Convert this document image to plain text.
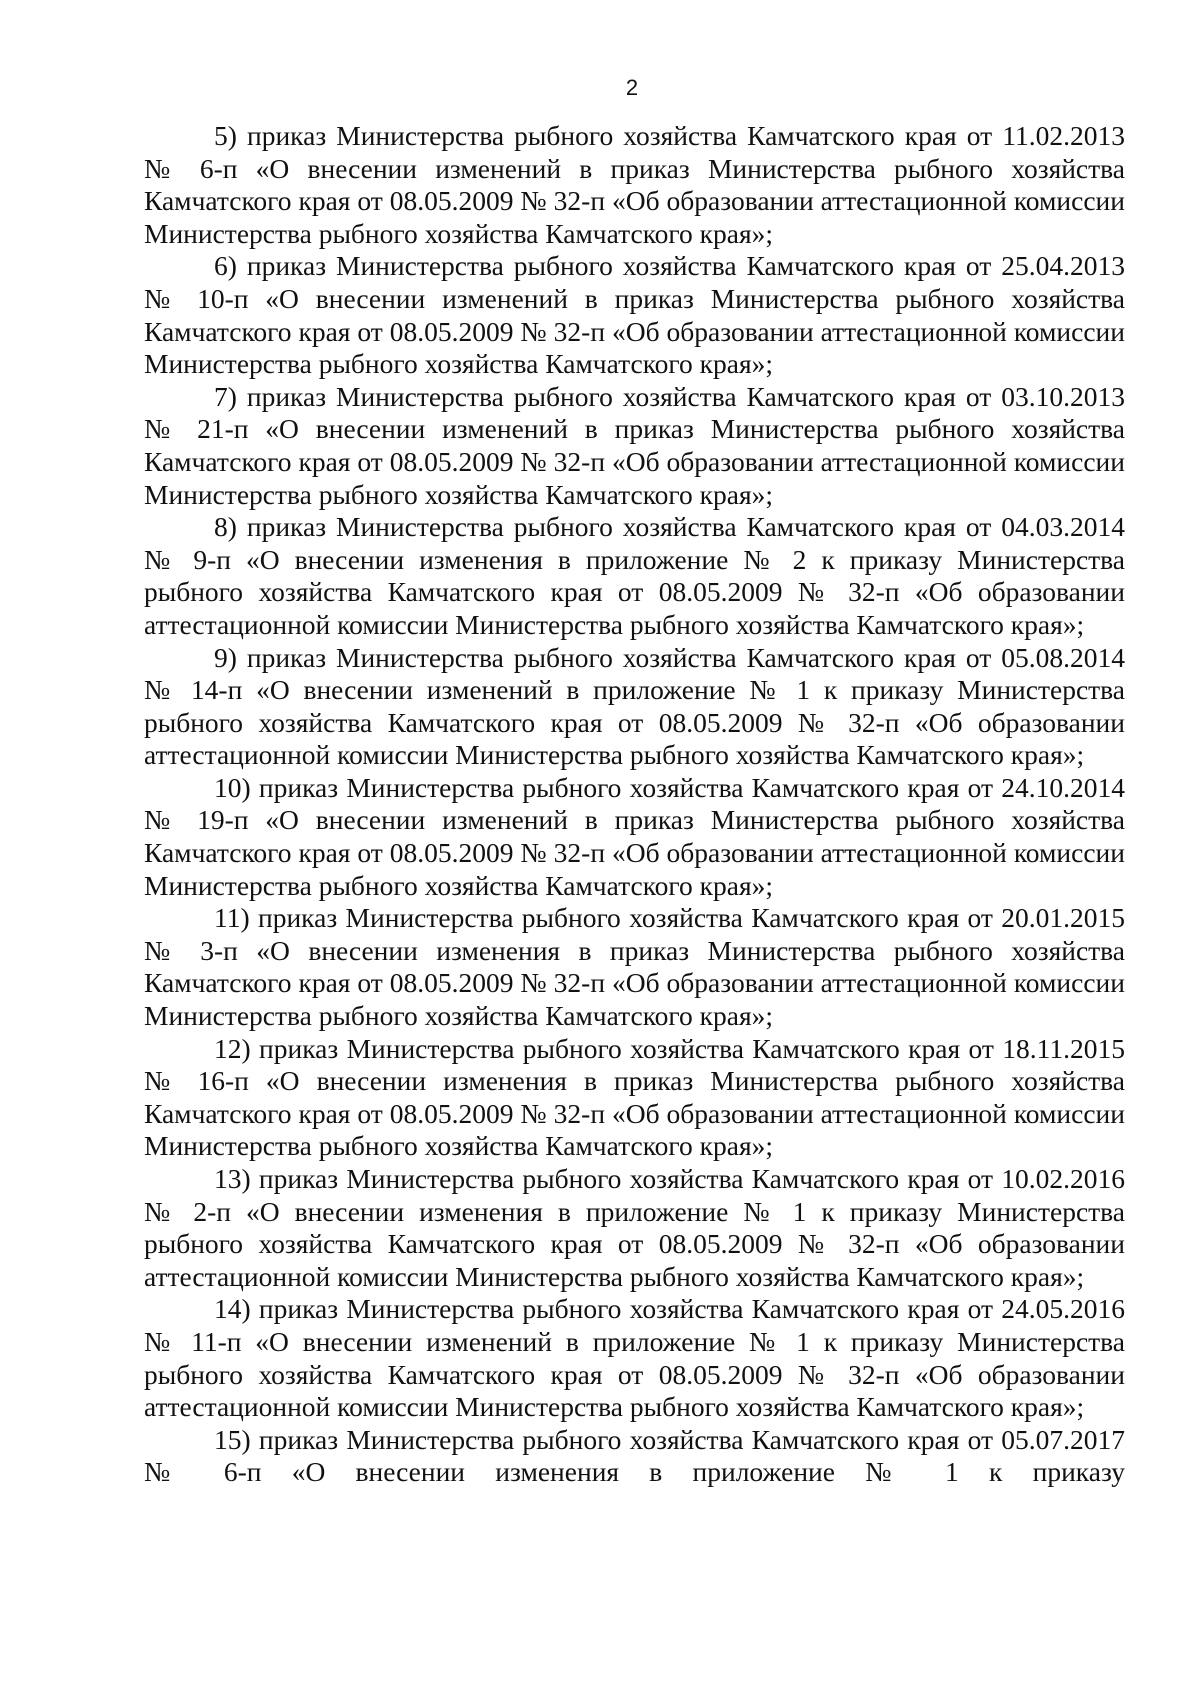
2

5) приказ Министерства рыбного хозяйства Камчатского края от 11.02.2013 № 6-п «О внесении изменений в приказ Министерства рыбного хозяйства Камчатского края от 08.05.2009 № 32-п «Об образовании аттестационной комиссии Министерства рыбного хозяйства Камчатского края»;

6) приказ Министерства рыбного хозяйства Камчатского края от 25.04.2013 № 10-п «О внесении изменений в приказ Министерства рыбного хозяйства Камчатского края от 08.05.2009 № 32-п «Об образовании аттестационной комиссии Министерства рыбного хозяйства Камчатского края»;

7) приказ Министерства рыбного хозяйства Камчатского края от 03.10.2013 № 21-п «О внесении изменений в приказ Министерства рыбного хозяйства Камчатского края от 08.05.2009 № 32-п «Об образовании аттестационной комиссии Министерства рыбного хозяйства Камчатского края»;

8) приказ Министерства рыбного хозяйства Камчатского края от 04.03.2014 № 9-п «О внесении изменения в приложение № 2 к приказу Министерства рыбного хозяйства Камчатского края от 08.05.2009 № 32-п «Об образовании аттестационной комиссии Министерства рыбного хозяйства Камчатского края»;

9) приказ Министерства рыбного хозяйства Камчатского края от 05.08.2014 № 14-п «О внесении изменений в приложение № 1 к приказу Министерства рыбного хозяйства Камчатского края от 08.05.2009 № 32-п «Об образовании аттестационной комиссии Министерства рыбного хозяйства Камчатского края»;

10) приказ Министерства рыбного хозяйства Камчатского края от 24.10.2014 № 19-п «О внесении изменений в приказ Министерства рыбного хозяйства Камчатского края от 08.05.2009 № 32-п «Об образовании аттестационной комиссии Министерства рыбного хозяйства Камчатского края»;

11) приказ Министерства рыбного хозяйства Камчатского края от 20.01.2015 № 3-п «О внесении изменения в приказ Министерства рыбного хозяйства Камчатского края от 08.05.2009 № 32-п «Об образовании аттестационной комиссии Министерства рыбного хозяйства Камчатского края»;

12) приказ Министерства рыбного хозяйства Камчатского края от 18.11.2015 № 16-п «О внесении изменения в приказ Министерства рыбного хозяйства Камчатского края от 08.05.2009 № 32-п «Об образовании аттестационной комиссии Министерства рыбного хозяйства Камчатского края»;

13) приказ Министерства рыбного хозяйства Камчатского края от 10.02.2016 № 2-п «О внесении изменения в приложение № 1 к приказу Министерства рыбного хозяйства Камчатского края от 08.05.2009 № 32-п «Об образовании аттестационной комиссии Министерства рыбного хозяйства Камчатского края»;

14) приказ Министерства рыбного хозяйства Камчатского края от 24.05.2016 № 11-п «О внесении изменений в приложение № 1 к приказу Министерства рыбного хозяйства Камчатского края от 08.05.2009 № 32-п «Об образовании аттестационной комиссии Министерства рыбного хозяйства Камчатского края»;

15) приказ Министерства рыбного хозяйства Камчатского края от 05.07.2017 № 6-п «О внесении изменения в приложение № 1 к приказу
